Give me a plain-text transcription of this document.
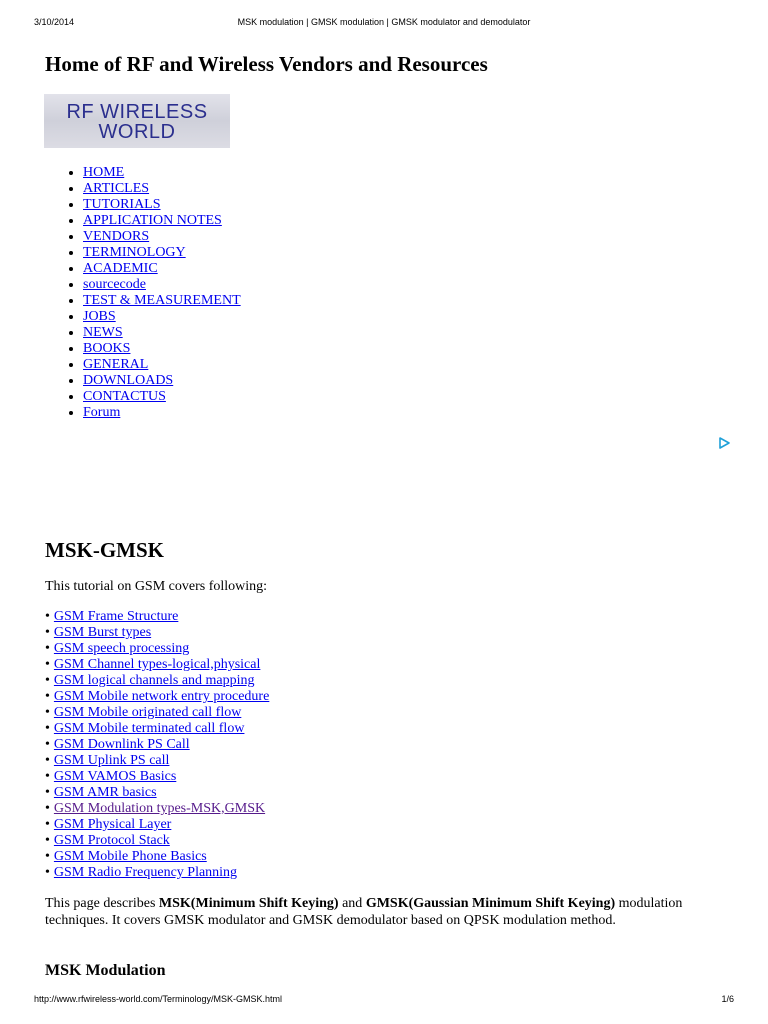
3/10/2014	MSK modulation | GMSK modulation | GMSK modulator and demodulator
Home of RF and Wireless Vendors and Resources
RF WIRELESS
WORLD
• HOME
• ARTICLES
• TUTORIALS
• APPLICATION NOTES
• VENDORS
• TERMINOLOGY
• ACADEMIC
• sourcecode
• TEST & MEASUREMENT
• JOBS
• NEWS
• BOOKS
• GENERAL
• DOWNLOADS
• CONTACTUS
• Forum
MSK-GMSK

This tutorial on GSM covers following:

• GSM Frame Structure
• GSM Burst types
• GSM speech processing
• GSM Channel types-logical,physical
• GSM logical channels and mapping
• GSM Mobile network entry procedure
• GSM Mobile originated call flow
• GSM Mobile terminated call flow
• GSM Downlink PS Call
• GSM Uplink PS call
• GSM VAMOS Basics
• GSM AMR basics
• GSM Modulation types-MSK,GMSK
• GSM Physical Layer
• GSM Protocol Stack
• GSM Mobile Phone Basics
• GSM Radio Frequency Planning

This page describes MSK(Minimum Shift Keying) and GMSK(Gaussian Minimum Shift Keying) modulation techniques. It covers GMSK modulator and GMSK demodulator based on QPSK modulation method.

MSK Modulation
http://www.rfwireless-world.com/Terminology/MSK-GMSK.html	1/6
